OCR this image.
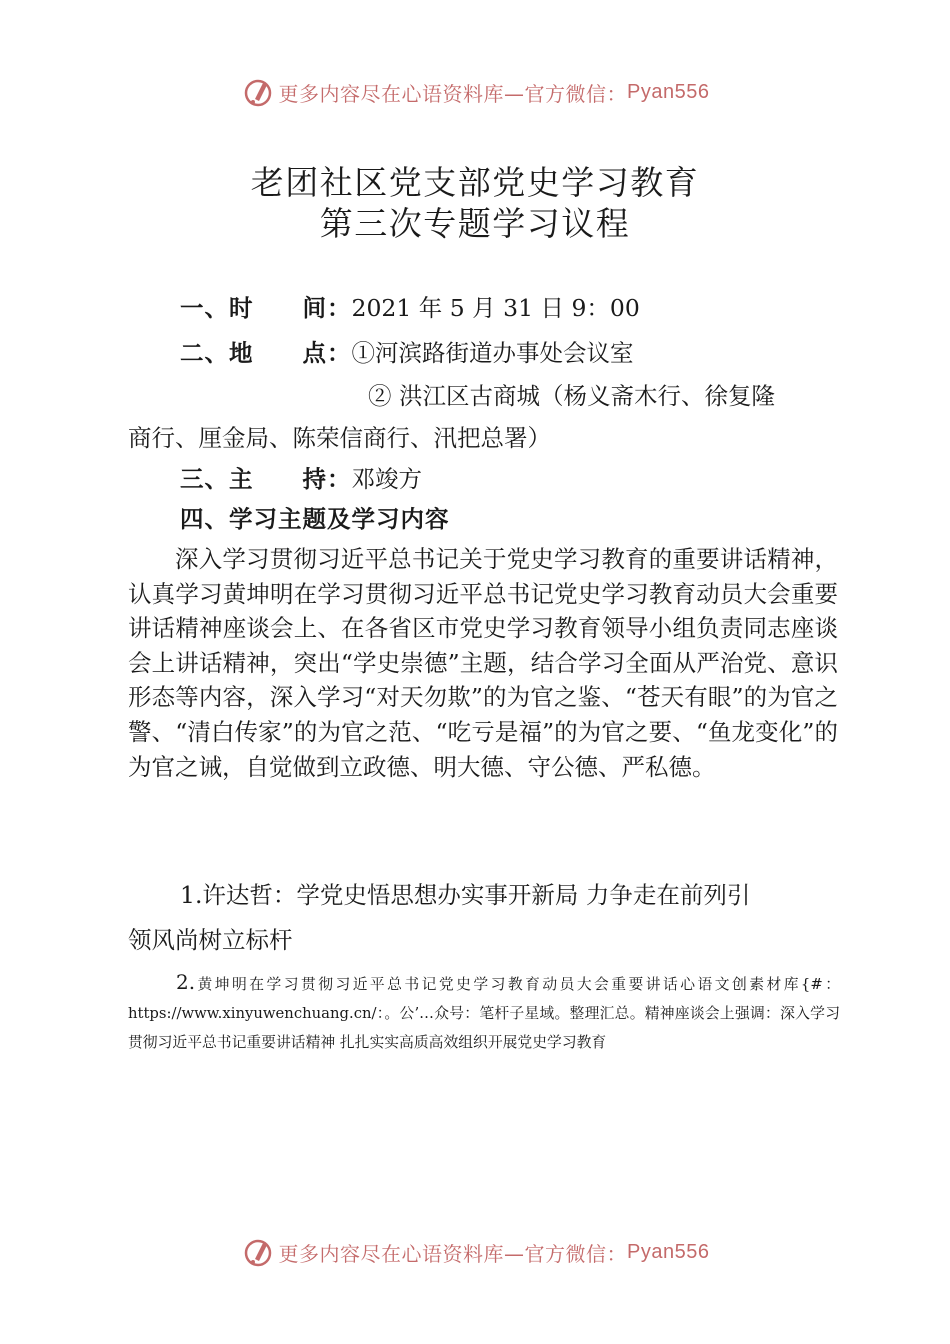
更多内容尽在心语资料库—官方微信： Pyan556
老团社区党支部党史学习教育
第三次专题学习议程
一、时　　间：2021 年 5 月 31 日 9：00
二、地　　点：①河滨路街道办事处会议室
② 洪江区古商城（杨义斋木行、徐复隆
商行、厘金局、陈荣信商行、汛把总署）
三、主　　持：邓竣方
四、学习主题及学习内容
深入学习贯彻习近平总书记关于党史学习教育的重要讲话精神，认真学习黄坤明在学习贯彻习近平总书记党史学习教育动员大会重要讲话精神座谈会上、在各省区市党史学习教育领导小组负责同志座谈会上讲话精神，突出“学史崇德”主题，结合学习全面从严治党、意识形态等内容，深入学习“对天勿欺”的为官之鉴、“苍天有眼”的为官之警、“清白传家”的为官之范、“吃亏是福”的为官之要、“鱼龙变化”的为官之诫，自觉做到立政德、明大德、守公德、严私德。
1.许达哲：学党史悟思想办实事开新局 力争走在前列引
领风尚树立标杆
2.黄坤明在学习贯彻习近平总书记党史学习教育动员大会重要讲话心语文创素材库{#：https://www.xinyuwenchuang.cn/：。公’…众号：笔杆子星域。整理汇总。精神座谈会上强调：深入学习贯彻习近平总书记重要讲话精神 扎扎实实高质高效组织开展党史学习教育
更多内容尽在心语资料库—官方微信： Pyan556
